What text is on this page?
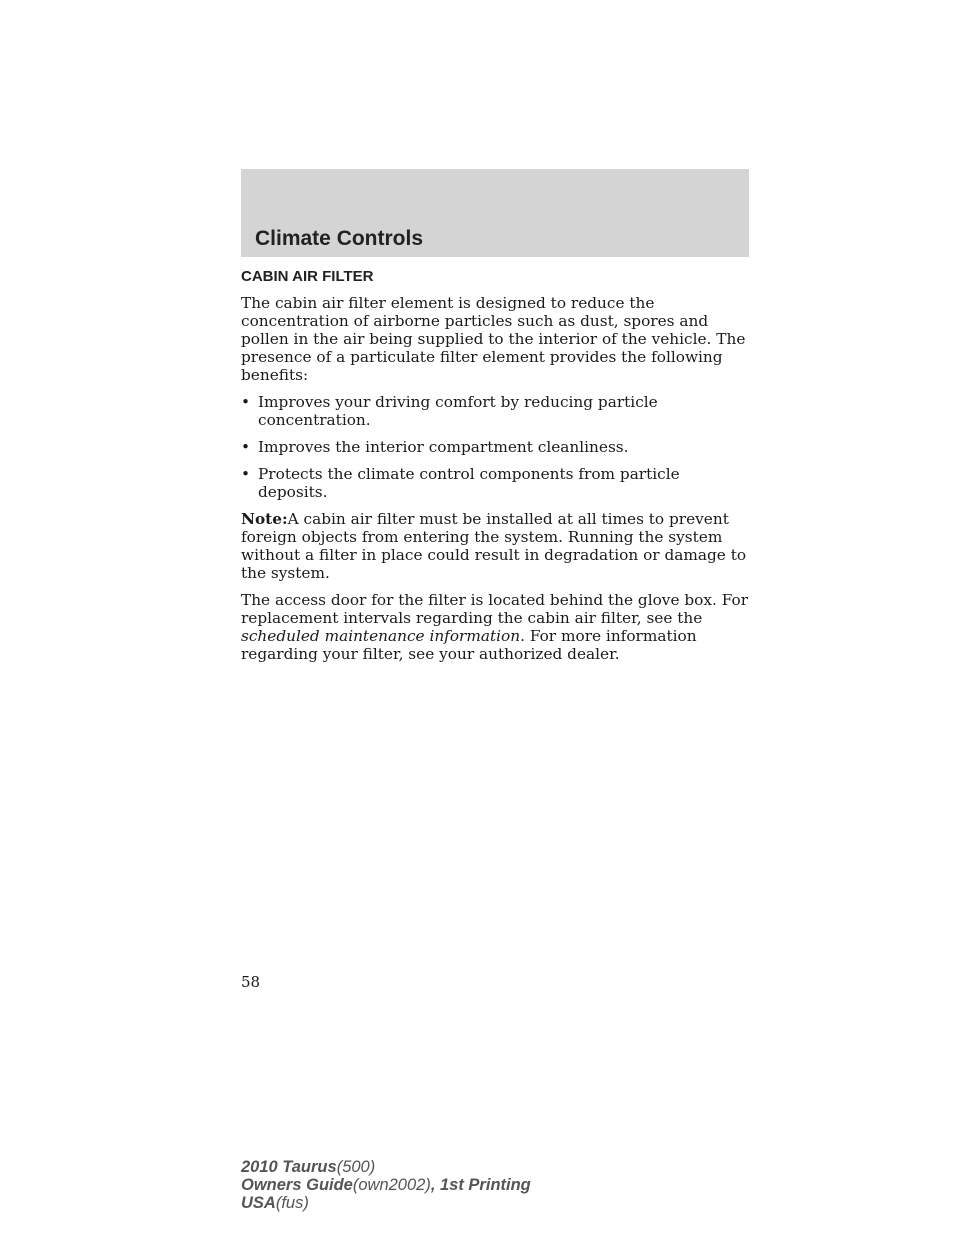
Climate Controls
CABIN AIR FILTER

The cabin air filter element is designed to reduce the concentration of airborne particles such as dust, spores and pollen in the air being supplied to the interior of the vehicle. The presence of a particulate filter element provides the following benefits:

• Improves your driving comfort by reducing particle concentration.
• Improves the interior compartment cleanliness.
• Protects the climate control components from particle deposits.

Note:A cabin air filter must be installed at all times to prevent foreign objects from entering the system. Running the system without a filter in place could result in degradation or damage to the system.

The access door for the filter is located behind the glove box. For replacement intervals regarding the cabin air filter, see the scheduled maintenance information. For more information regarding your filter, see your authorized dealer.

58

2010 Taurus(500)
Owners Guide(own2002), 1st Printing
USA(fus)
